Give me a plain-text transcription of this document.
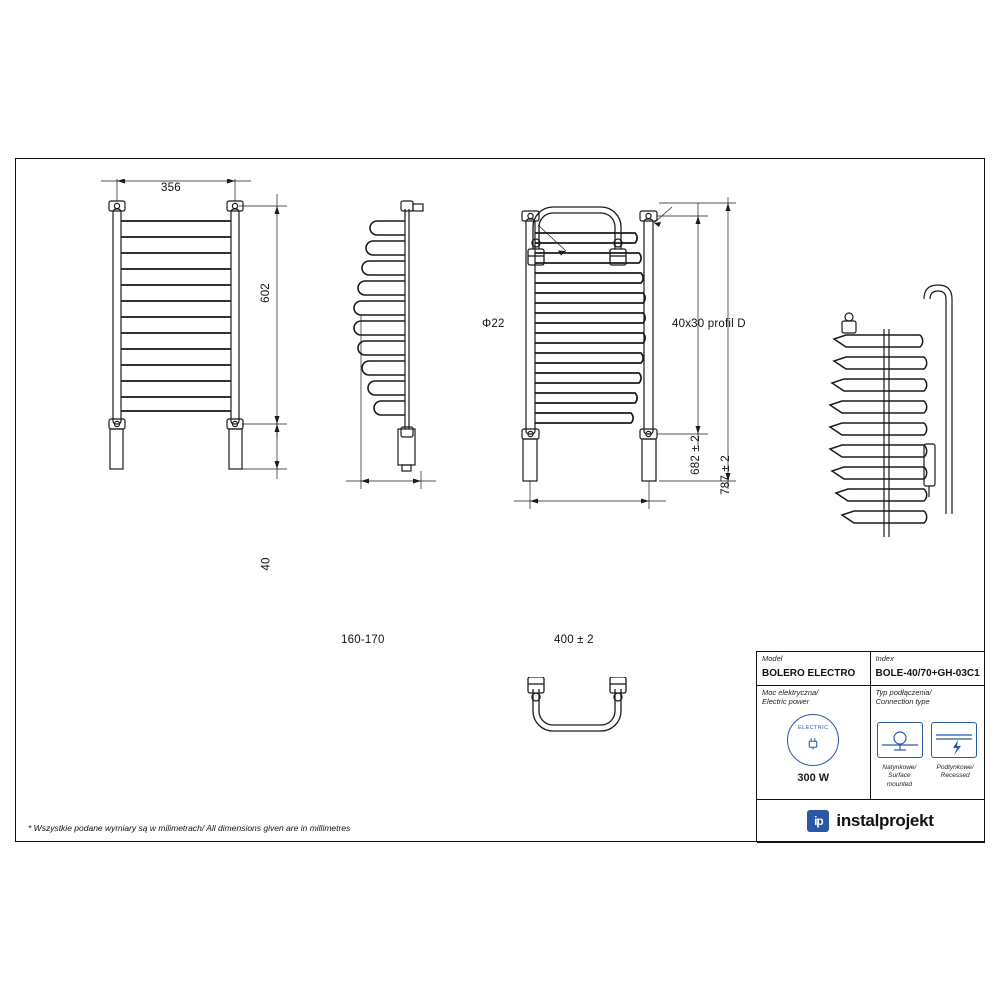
356
602
40
160-170
Φ22	40x30 profil D
682 ± 2
787 ± 2
400 ± 2
* Wszystkie podane wymiary są w milimetrach/ All dimensions given are in millimetres
Model
BOLERO ELECTRO
Index
BOLE-40/70+GH-03C1
Moc elektryczna/
Electric power
ELECTRIC
300 W
Typ podłączenia/
Connection type
Natynkowe/
Surface mounted
Podtynkowe/
Recessed
ip instalprojekt
